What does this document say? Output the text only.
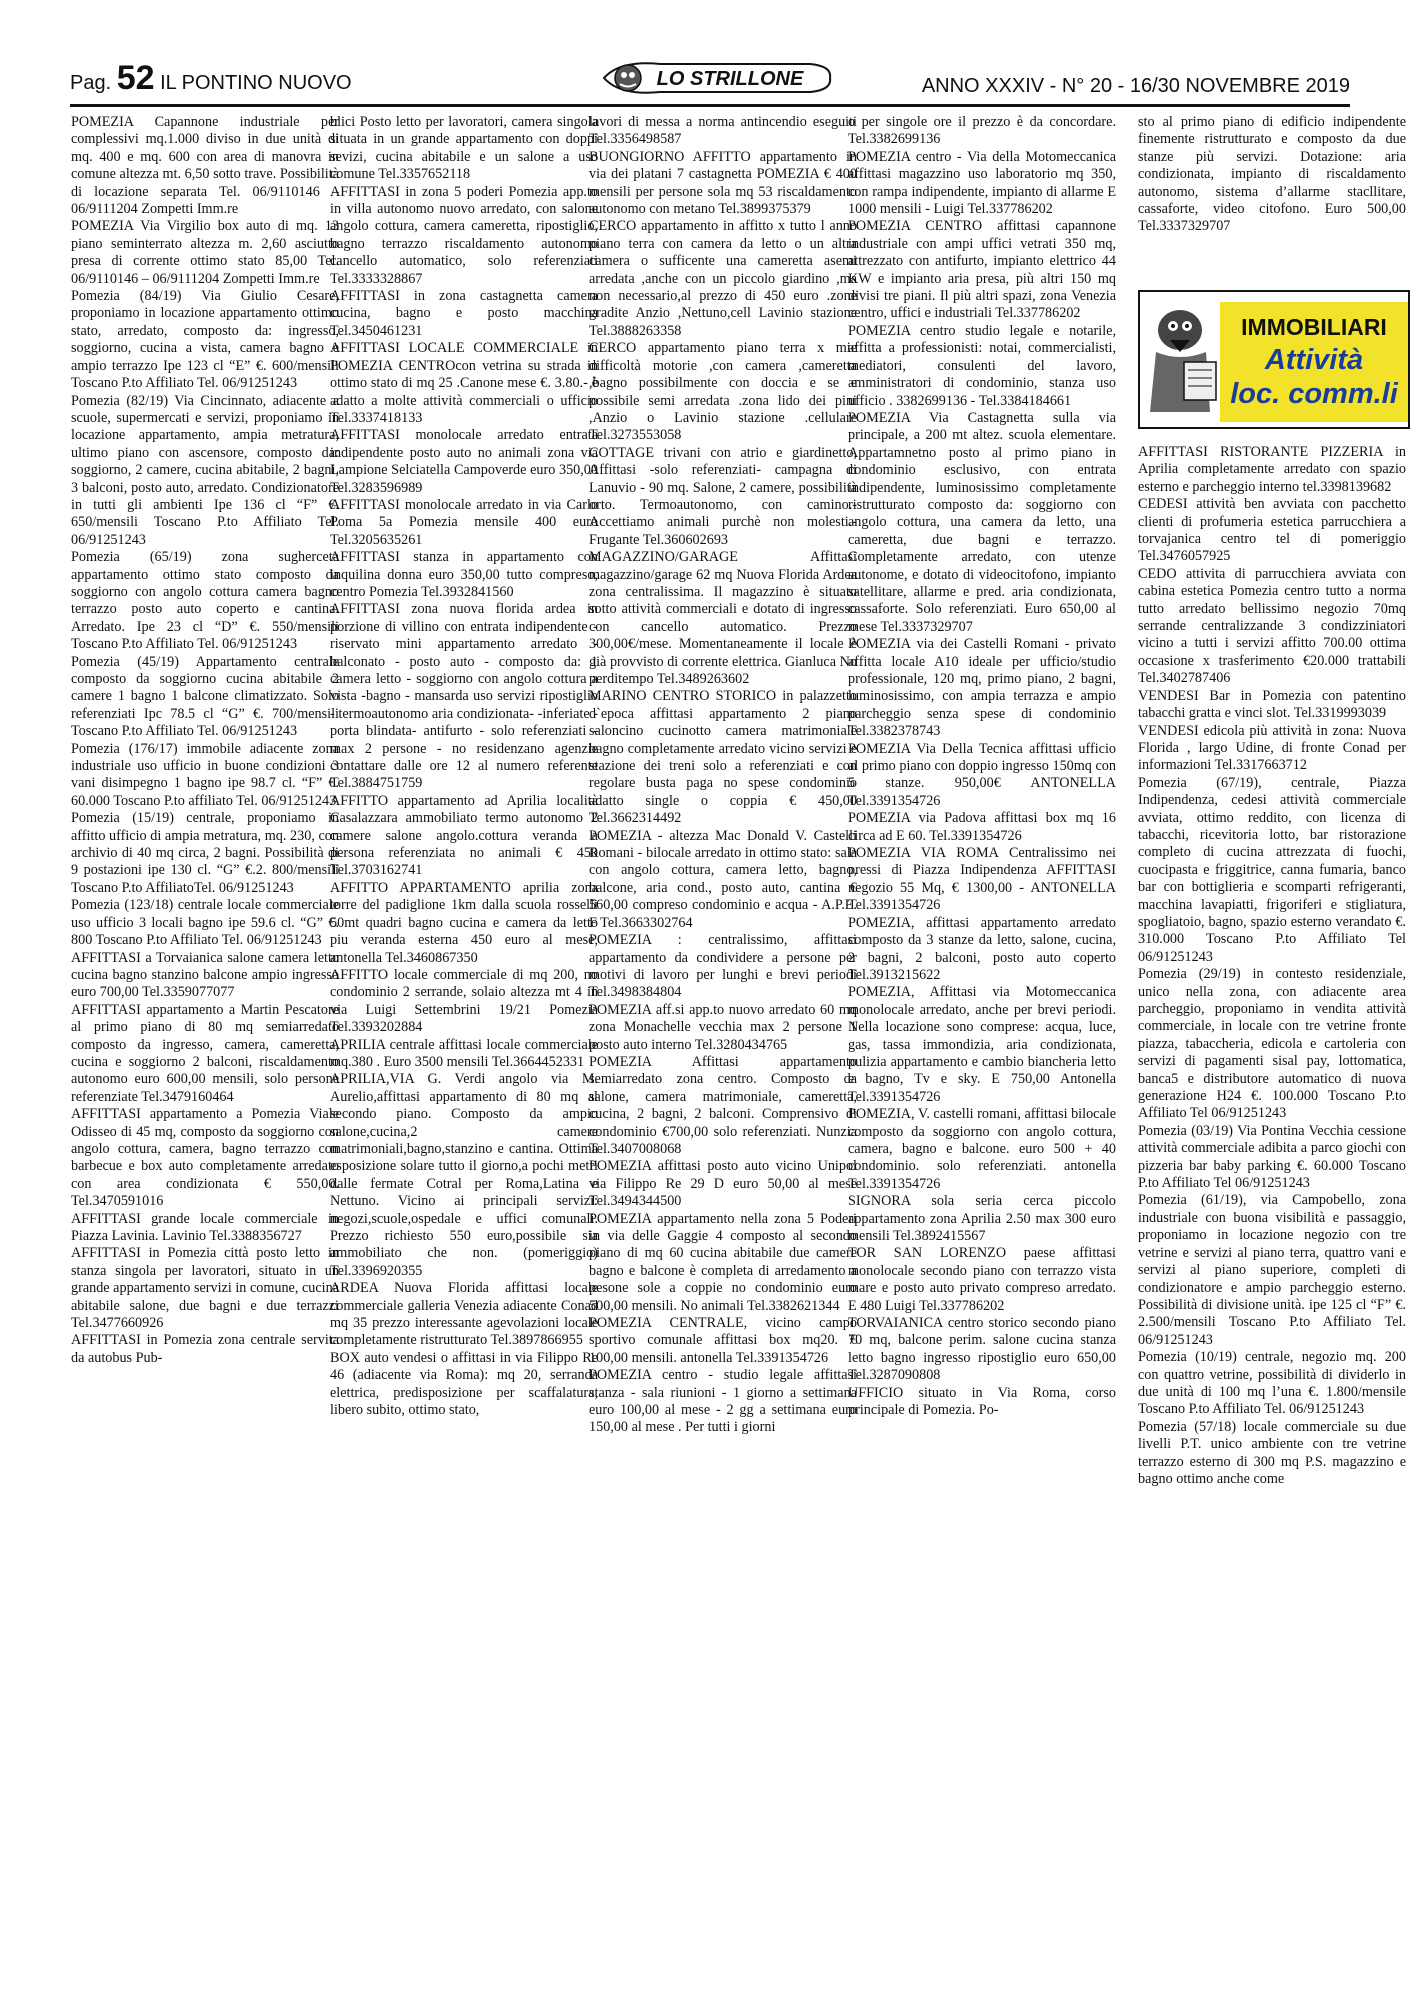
Pag. 52 IL PONTINO NUOVO	LO STRILLONE	ANNO XXXIV - N° 20 - 16/30 NOVEMBRE 2019

POMEZIA Capannone industriale per complessivi mq.1.000 diviso in due unità di mq. 400 e mq. 600 con area di manovra in comune altezza mt. 6,50 sotto trave. Possibilità di locazione separata Tel. 06/9110146 – 06/9111204 Zompetti Imm.re

POMEZIA Via Virgilio box auto di mq. 13 piano seminterrato altezza m. 2,60 asciutto presa di corrente ottimo stato 85,00 Tel. 06/9110146 – 06/9111204 Zompetti Imm.re

Pomezia (84/19) Via Giulio Cesare, proponiamo in locazione appartamento ottimo stato, arredato, composto da: ingresso, soggiorno, cucina a vista, camera bagno e ampio terrazzo Ipe 123 cl “E” €. 600/mensili Toscano P.to Affiliato Tel. 06/91251243

Pomezia (82/19) Via Cincinnato, adiacente a scuole, supermercati e servizi, proponiamo in locazione appartamento, ampia metratura, ultimo piano con ascensore, composto da: soggiorno, 2 camere, cucina abitabile, 2 bagni, 3 balconi, posto auto, arredato. Condizionatore in tutti gli ambienti Ipe 136 cl “F” €. 650/mensili Toscano P.to Affiliato Tel. 06/91251243

Pomezia (65/19) zona sugherceta appartamento ottimo stato composto da soggiorno con angolo cottura camera bagno terrazzo posto auto coperto e cantina. Arredato. Ipe 23 cl “D” €. 550/mensili Toscano P.to Affiliato Tel. 06/91251243

Pomezia (45/19) Appartamento centrale composto da soggiorno cucina abitabile 2 camere 1 bagno 1 balcone climatizzato. Solo referenziati Ipc 78.5 cl “G” €. 700/mensili Toscano P.to Affiliato Tel. 06/91251243

Pomezia (176/17) immobile adiacente zona industriale uso ufficio in buone condizioni 3 vani disimpegno 1 bagno ipe 98.7 cl. “F” €. 60.000 Toscano P.to affiliato Tel. 06/91251243

Pomezia (15/19) centrale, proponiamo in affitto ufficio di ampia metratura, mq. 230, con archivio di 40 mq circa, 2 bagni. Possibilità di 9 postazioni ipe 130 cl. “G” €.2. 800/mensili Toscano P.to AffiliatoTel. 06/91251243

Pomezia (123/18) centrale locale commerciale uso ufficio 3 locali bagno ipe 59.6 cl. “G” €. 800 Toscano P.to Affiliato Tel. 06/91251243

AFFITTASI a Torvaianica salone camera letto cucina bagno stanzino balcone ampio ingresso euro 700,00 Tel.3359077077

AFFITTASI appartamento a Martin Pescatore al primo piano di 80 mq semiarredato composto da ingresso, camera, cameretta, cucina e soggiorno 2 balconi, riscaldamento autonomo euro 600,00 mensili, solo persone referenziate Tel.3479160464

AFFITTASI appartamento a Pomezia Viale Odisseo di 45 mq, composto da soggiorno con angolo cottura, camera, bagno terrazzo con barbecue e box auto completamente arredato con area condizionata € 550,00. Tel.3470591016

AFFITTASI grande locale commerciale in Piazza Lavinia. Lavinio Tel.3388356727

AFFITTASI in Pomezia città posto letto in stanza singola per lavoratori, situato in un grande appartamento servizi in comune, cucina abitabile salone, due bagni e due terrazzi Tel.3477660926

AFFITTASI in Pomezia zona centrale servita da autobus Pub-

blici Posto letto per lavoratori, camera singola situata in un grande appartamento con doppi sevizi, cucina abitabile e un salone a uso comune Tel.3357652118

AFFITTASI in zona 5 poderi Pomezia app.to in villa autonomo nuovo arredato, con salone angolo cottura, camera cameretta, ripostiglio, bagno terrazzo riscaldamento autonomo cancello automatico, solo referenziati Tel.3333328867

AFFITTASI in zona castagnetta camera cucina, bagno e posto macchina Tel.3450461231

AFFITTASI LOCALE COMMERCIALE in POMEZIA CENTROcon vetrina su strada in ottimo stato di mq 25 .Canone mese €. 3.80.- è adatto a molte attività commerciali o ufficio Tel.3337418133

AFFITTASI monolocale arredato entrata indipendente posto auto no animali zona via Lampione Selciatella Campoverde euro 350,00 Tel.3283596989

AFFITTASI monolocale arredato in via Carlo Poma 5a Pomezia mensile 400 euro Tel.3205635261

AFFITTASI stanza in appartamento con inquilina donna euro 350,00 tutto compreso, centro Pomezia Tel.3932841560

AFFITTASI zona nuova florida ardea in porzione di villino con entrata indipendente - riservato mini appartamento arredato - balconato - posto auto - composto da: 1 camera letto - soggiorno con angolo cottura a vista -bagno - mansarda uso servizi ripostiglio - termoautonomo aria condizionata- -inferiate -porta blindata- antifurto - solo referenziati - max 2 persone - no residenzano agenzie contattare dalle ore 12 al numero referente Tel.3884751759

AFFITTO appartamento ad Aprilia località Casalazzara ammobiliato termo autonomo 2 camere salone angolo.cottura veranda a persona referenziata no animali € 450 Tel.3703162741

AFFITTO APPARTAMENTO aprilia zona torre del padiglione 1km dalla scuola rosselli 50mt quadri bagno cucina e camera da letto piu veranda esterna 450 euro al mese, antonella Tel.3460867350

AFFITTO locale commerciale di mq 200, no condominio 2 serrande, solaio altezza mt 4 in via Luigi Settembrini 19/21 Pomezia Tel.3393202884

APRILIA centrale affittasi locale commerciale mq.380 . Euro 3500 mensili Tel.3664452331

APRILIA,VIA G. Verdi angolo via M. Aurelio,affittasi appartamento di 80 mq al secondo piano. Composto da ampio salone,cucina,2 camere matrimoniali,bagno,stanzino e cantina. Ottima esposizione solare tutto il giorno,a pochi metri dalle fermate Cotral per Roma,Latina e Nettuno. Vicino ai principali servizi: negozi,scuole,ospedale e uffici comunali. Prezzo richiesto 550 euro,possibile sia ammobiliato che non. (pomeriggio) Tel.3396920355

ARDEA Nuova Florida affittasi locale commerciale galleria Venezia adiacente Conad mq 35 prezzo interessante agevolazioni locale completamente ristrutturato Tel.3897866955

BOX auto vendesi o affittasi in via Filippo Re 46 (adiacente via Roma): mq 20, serranda elettrica, predisposizione per scaffalatura, libero subito, ottimo stato,

lavori di messa a norma antincendio eseguiti Tel.3356498587

BUONGIORNO AFFITTO appartamento in via dei platani 7 castagnetta POMEZIA € 400 mensili per persone sola mq 53 riscaldamento autonomo con metano Tel.3899375379

CERCO appartamento in affitto x tutto l anno piano terra con camera da letto o un altra camera o sufficente una cameretta asemi arredata ,anche con un piccolo giardino ,ma non necessario,al prezzo di 450 euro .zone gradite Anzio ,Nettuno,cell Lavinio stazione Tel.3888263358

CERCO appartamento piano terra x mie difficoltà motorie ,con camera ,cameretta ,bagno possibilmente con doccia e se e possibile semi arredata .zona lido dei pini ,Anzio o Lavinio stazione .cellulare Tel.3273553058

COTTAGE trivani con atrio e giardinetto, Affittasi -solo referenziati- campagna di Lanuvio - 90 mq. Salone, 2 camere, possibilità orto. Termoautonomo, con camino.- Accettiamo animali purchè non molesti.- Frugante Tel.360602693

MAGAZZINO/GARAGE Affittasi magazzino/garage 62 mq Nuova Florida Ardea zona centralissima. Il magazzino è situato sotto attività commerciali e dotato di ingresso con cancello automatico. Prezzo 300,00€/mese. Momentaneamente il locale è già provvisto di corrente elettrica. Gianluca No perditempo Tel.3489263602

MARINO CENTRO STORICO in palazzetto d`epoca affittasi appartamento 2 piano saloncino cucinotto camera matrimoniale bagno completamente arredato vicino servizi e stazione dei treni solo a referenziati e con regolare busta paga no spese condominio adatto single o coppia € 450,00 Tel.3662314492

POMEZIA - altezza Mac Donald V. Castelli Romani - bilocale arredato in ottimo stato: sala con angolo cottura, camera letto, bagno, balcone, aria cond., posto auto, cantina € 560,00 compreso condominio e acqua - A.P.E. F Tel.3663302764

POMEZIA : centralissimo, affittasi appartamento da condividere a persone per motivi di lavoro per lunghi e brevi periodi Tel.3498384804

POMEZIA aff.si app.to nuovo arredato 60 mq zona Monachelle vecchia max 2 persone 1 posto auto interno Tel.3280434765

POMEZIA Affittasi appartamento semiarredato zona centro. Composto da salone, camera matrimoniale, cameretta, cucina, 2 bagni, 2 balconi. Comprensivo di condominio €700,00 solo referenziati. Nunzia Tel.3407008068

POMEZIA affittasi posto auto vicino Unipol via Filippo Re 29 D euro 50,00 al mese Tel.3494344500

POMEZIA appartamento nella zona 5 Poderi in via delle Gaggie 4 composto al secondo piano di mq 60 cucina abitabile due camere bagno e balcone è completa di arredamento a pesone sole a coppie no condominio euro 500,00 mensili. No animali Tel.3382621344

POMEZIA CENTRALE, vicino campo sportivo comunale affittasi box mq20. € 100,00 mensili. antonella Tel.3391354726

POMEZIA centro - studio legale affittasi stanza - sala riunioni - 1 giorno a settimana euro 100,00 al mese - 2 gg a settimana euro 150,00 al mese . Per tutti i giorni

o per singole ore il prezzo è da concordare. Tel.3382699136

POMEZIA centro - Via della Motomeccanica affittasi magazzino uso laboratorio mq 350, con rampa indipendente, impianto di allarme E 1000 mensili - Luigi Tel.337786202

POMEZIA CENTRO affittasi capannone industriale con ampi uffici vetrati 350 mq, attrezzato con antifurto, impianto elettrico 44 KW e impianto aria presa, più altri 150 mq divisi tre piani. Il più altri spazi, zona Venezia centro, uffici e industriali Tel.337786202

POMEZIA centro studio legale e notarile, affitta a professionisti: notai, commercialisti, mediatori, consulenti del lavoro, amministratori di condominio, stanza uso ufficio . 3382699136 - Tel.3384184661

POMEZIA Via Castagnetta sulla via principale, a 200 mt altez. scuola elementare. Appartamnetno posto al primo piano in condominio esclusivo, con entrata indipendente, luminosissimo completamente ristrutturato composto da: soggiorno con angolo cottura, una camera da letto, una cameretta, due bagni e terrazzo. Completamente arredato, con utenze autonome, e dotato di videocitofono, impianto satellitare, allarme e pred. aria condizionata, cassaforte. Solo referenziati. Euro 650,00 al mese Tel.3337329707

POMEZIA via dei Castelli Romani - privato affitta locale A10 ideale per ufficio/studio professionale, 120 mq, primo piano, 2 bagni, luminosissimo, con ampia terrazza e ampio parcheggio senza spese di condominio Tel.3382378743

POMEZIA Via Della Tecnica affittasi ufficio al primo piano con doppio ingresso 150mq con 5 stanze. 950,00€ ANTONELLA Tel.3391354726

POMEZIA via Padova affittasi box mq 16 circa ad E 60. Tel.3391354726

POMEZIA VIA ROMA Centralissimo nei pressi di Piazza Indipendenza AFFITTASI negozio 55 Mq, € 1300,00 - ANTONELLA Tel.3391354726

POMEZIA, affittasi appartamento arredato composto da 3 stanze da letto, salone, cucina, 2 bagni, 2 balconi, posto auto coperto Tel.3913215622

POMEZIA, Affittasi via Motomeccanica monolocale arredato, anche per brevi periodi. Nella locazione sono comprese: acqua, luce, gas, tassa immondizia, aria condizionata, pulizia appartamento e cambio biancheria letto e bagno, Tv e sky. E 750,00 Antonella Tel.3391354726

POMEZIA, V. castelli romani, affittasi bilocale composto da soggiorno con angolo cottura, camera, bagno e balcone. euro 500 + 40 condominio. solo referenziati. antonella Tel.3391354726

SIGNORA sola seria cerca piccolo appartamento zona Aprilia 2.50 max 300 euro mensili Tel.3892415567

TOR SAN LORENZO paese affittasi monolocale secondo piano con terrazzo vista mare e posto auto privato compreso arredato. E 480 Luigi Tel.337786202

TORVAIANICA centro storico secondo piano 70 mq, balcone perim. salone cucina stanza letto bagno ingresso ripostiglio euro 650,00 Tel.3287090808

UFFICIO situato in Via Roma, corso principale di Pomezia. Po-

sto al primo piano di edificio indipendente finemente ristrutturato e composto da due stanze più servizi. Dotazione: aria condizionata, impianto di riscaldamento autonomo, sistema d’allarme stacllitare, cassaforte, video citofono. Euro 500,00 Tel.3337329707

AFFITTASI RISTORANTE PIZZERIA in Aprilia completamente arredato con spazio esterno e parcheggio interno tel.3398139682

CEDESI attività ben avviata con pacchetto clienti di profumeria estetica parrucchiera a torvajanica centro tel di pomeriggio Tel.3476057925

CEDO attivita di parrucchiera avviata con cabina estetica Pomezia centro tutto a norma tutto arredato bellissimo negozio 70mq serrande centralizzande 3 condizziniatori vicino a tutti i servizi affitto 700.00 ottima occasione x trasferimento €20.000 trattabili Tel.3402787406

VENDESI Bar in Pomezia con patentino tabacchi gratta e vinci slot. Tel.3319993039

VENDESI edicola più attività in zona: Nuova Florida , largo Udine, di fronte Conad per informazioni Tel.3317663712

Pomezia (67/19), centrale, Piazza Indipendenza, cedesi attività commerciale avviata, ottimo reddito, con licenza di tabacchi, ricevitoria lotto, bar ristorazione completo di cucina attrezzata di fuochi, cuocipasta e friggitrice, canna fumaria, banco bar con bottiglieria e scomparti refrigeranti, macchina lavapiatti, frigoriferi e stigliatura, spogliatoio, bagno, spazio esterno verandato €. 310.000 Toscano P.to Affiliato Tel 06/91251243

Pomezia (29/19) in contesto residenziale, unico nella zona, con adiacente area parcheggio, proponiamo in vendita attività commerciale, in locale con tre vetrine fronte piazza, tabaccheria, edicola e cartoleria con servizi di pagamenti sisal pay, lottomatica, banca5 e distributore automatico di nuova generazione H24 €. 100.000 Toscano P.to Affiliato Tel 06/91251243

Pomezia (03/19) Via Pontina Vecchia cessione attività commerciale adibita a parco giochi con pizzeria bar baby parking €. 60.000 Toscano P.to Affiliato Tel 06/91251243

Pomezia (61/19), via Campobello, zona industriale con buona visibilità e passaggio, proponiamo in locazione negozio con tre vetrine e servizi al piano terra, quattro vani e servizi al piano superiore, completi di condizionatore e ampio parcheggio esterno. Possibilità di divisione unità. ipe 125 cl “F” €. 2.500/mensili Toscano P.to Affiliato Tel. 06/91251243

Pomezia (10/19) centrale, negozio mq. 200 con quattro vetrine, possibilità di dividerlo in due unità di 100 mq l’una €. 1.800/mensile Toscano P.to Affiliato Tel. 06/91251243

Pomezia (57/18) locale commerciale su due livelli P.T. unico ambiente con tre vetrine terrazzo esterno di 300 mq P.S. magazzino e bagno ottimo anche come

IMMOBILIARI
Attività
loc. comm.li
